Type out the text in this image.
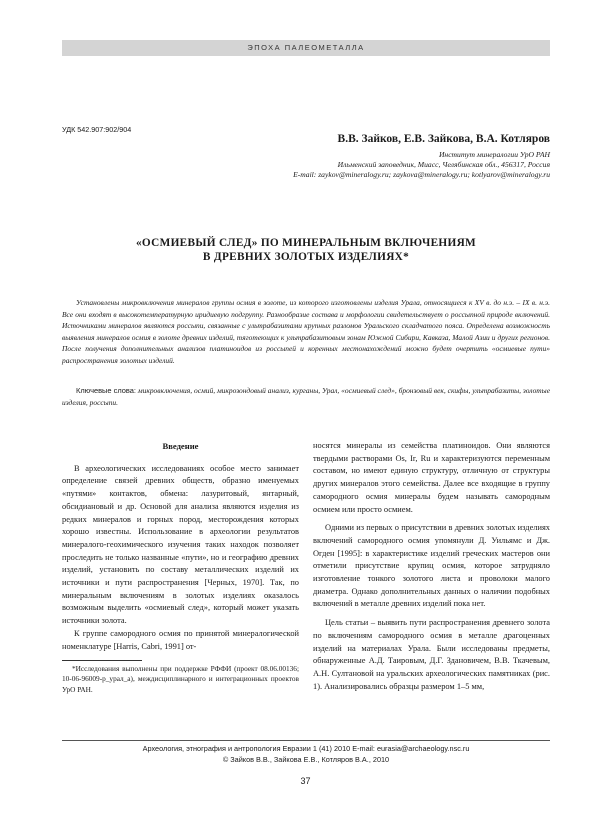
ЭПОХА ПАЛЕОМЕТАЛЛА
УДК 542.907:902/904
В.В. Зайков, Е.В. Зайкова, В.А. Котляров
Институт минералогии УрО РАН
Ильменский заповедник, Миасс, Челябинская обл., 456317, Россия
E-mail: zaykov@mineralogy.ru; zaykova@mineralogy.ru; kotlyarov@mineralogy.ru
«ОСМИЕВЫЙ СЛЕД» ПО МИНЕРАЛЬНЫМ ВКЛЮЧЕНИЯМ
В ДРЕВНИХ ЗОЛОТЫХ ИЗДЕЛИЯХ*
Установлены микровключения минералов группы осмия в золоте, из которого изготовлены изделия Урала, относящиеся к XV в. до н.э. – IX в. н.э. Все они входят в высокотемпературную иридиевую подгруппу. Разнообразие состава и морфологии свидетельствует о россыпной природе включений. Источниками минералов являются россыпи, связанные с ультрабазитами крупных разломов Уральского складчатого пояса. Определена возможность выявления минералов осмия в золоте древних изделий, тяготеющих к ультрабазитовым зонам Южной Сибири, Кавказа, Малой Азии и других регионов. После получения дополнительных анализов платиноидов из россыпей и коренных местонахождений можно будет очертить «осмиевые пути» распространения золотых изделий.
Ключевые слова: микровключения, осмий, микрозондовый анализ, курганы, Урал, «осмиевый след», бронзовый век, скифы, ультрабазиты, золотые изделия, россыпи.
Введение

В археологических исследованиях особое место занимает определение связей древних обществ, образно именуемых «путями» контактов, обмена: лазуритовый, янтарный, обсидиановый и др. Основой для анализа являются изделия из редких минералов и горных пород, месторождения которых хорошо известны. Использование в археологии результатов минералого-геохимического изучения таких находок позволяет проследить не только названные «пути», но и географию древних изделий, установить по составу металлических изделий их источники и пути распространения [Черных, 1970]. Так, по минеральным включениям в золотых изделиях оказалось возможным выделить «осмиевый след», который может указать источники золота.

К группе самородного осмия по принятой минералогической номенклатуре [Harris, Cabri, 1991] от-

носятся минералы из семейства платиноидов. Они являются твердыми растворами Os, Ir, Ru и характеризуются переменным составом, но имеют единую структуру, отличную от структуры других минералов этого семейства. Далее все входящие в группу самородного осмия минералы будем называть самородным осмием или просто осмием.

Одними из первых о присутствии в древних золотых изделиях включений самородного осмия упомянули Д. Уильямс и Дж. Огден [1995]: в характеристике изделий греческих мастеров они отметили присутствие крупиц осмия, которое затрудняло изготовление тонкого золотого листа и проволоки малого диаметра. Однако дополнительных данных о наличии подобных включений в металле древних изделий пока нет.

Цель статьи – выявить пути распространения древнего золота по включениям самородного осмия в металле драгоценных изделий на материалах Урала. Были исследованы предметы, обнаруженные А.Д. Таировым, Д.Г. Здановичем, В.В. Ткачевым, А.Н. Султановой на уральских археологических памятниках (рис. 1). Анализировались образцы размером 1–5 мм,

*Исследования выполнены при поддержке РФФИ (проект 08.06.00136; 10-06-96009-р_урал_а), междисциплинарного и интеграционных проектов УрО РАН.
Археология, этнография и антропология Евразии 1 (41) 2010 E-mail: eurasia@archaeology.nsc.ru
© Зайков В.В., Зайкова Е.В., Котляров В.А., 2010
37
